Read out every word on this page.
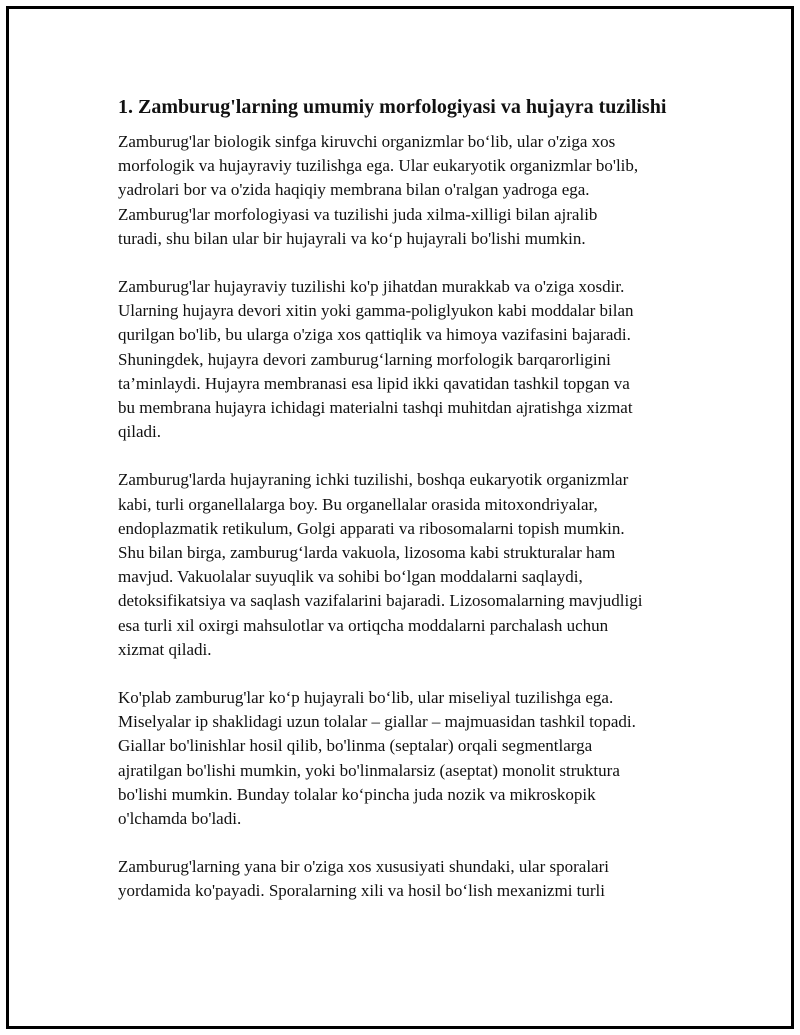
1. Zamburug'larning umumiy morfologiyasi va hujayra tuzilishi

Zamburug'lar biologik sinfga kiruvchi organizmlar bo‘lib, ular o'ziga xos
morfologik va hujayraviy tuzilishga ega. Ular eukaryotik organizmlar bo'lib,
yadrolari bor va o'zida haqiqiy membrana bilan o'ralgan yadroga ega.
Zamburug'lar morfologiyasi va tuzilishi juda xilma-xilligi bilan ajralib
turadi, shu bilan ular bir hujayrali va ko‘p hujayrali bo'lishi mumkin.

Zamburug'lar hujayraviy tuzilishi ko'p jihatdan murakkab va o'ziga xosdir.
Ularning hujayra devori xitin yoki gamma-poliglyukon kabi moddalar bilan
qurilgan bo'lib, bu ularga o'ziga xos qattiqlik va himoya vazifasini bajaradi.
Shuningdek, hujayra devori zamburug‘larning morfologik barqarorligini
ta’minlaydi. Hujayra membranasi esa lipid ikki qavatidan tashkil topgan va
bu membrana hujayra ichidagi materialni tashqi muhitdan ajratishga xizmat
qiladi.

Zamburug'larda hujayraning ichki tuzilishi, boshqa eukaryotik organizmlar
kabi, turli organellalarga boy. Bu organellalar orasida mitoxondriyalar,
endoplazmatik retikulum, Golgi apparati va ribosomalarni topish mumkin.
Shu bilan birga, zamburug‘larda vakuola, lizosoma kabi strukturalar ham
mavjud. Vakuolalar suyuqlik va sohibi bo‘lgan moddalarni saqlaydi,
detoksifikatsiya va saqlash vazifalarini bajaradi. Lizosomalarning mavjudligi
esa turli xil oxirgi mahsulotlar va ortiqcha moddalarni parchalash uchun
xizmat qiladi.

Ko'plab zamburug'lar ko‘p hujayrali bo‘lib, ular miseliyal tuzilishga ega.
Miselyalar ip shaklidagi uzun tolalar – giallar – majmuasidan tashkil topadi.
Giallar bo'linishlar hosil qilib, bo'linma (septalar) orqali segmentlarga
ajratilgan bo'lishi mumkin, yoki bo'linmalarsiz (aseptat) monolit struktura
bo'lishi mumkin. Bunday tolalar ko‘pincha juda nozik va mikroskopik
o'lchamda bo'ladi.

Zamburug'larning yana bir o'ziga xos xususiyati shundaki, ular sporalari
yordamida ko'payadi. Sporalarning xili va hosil bo‘lish mexanizmi turli
